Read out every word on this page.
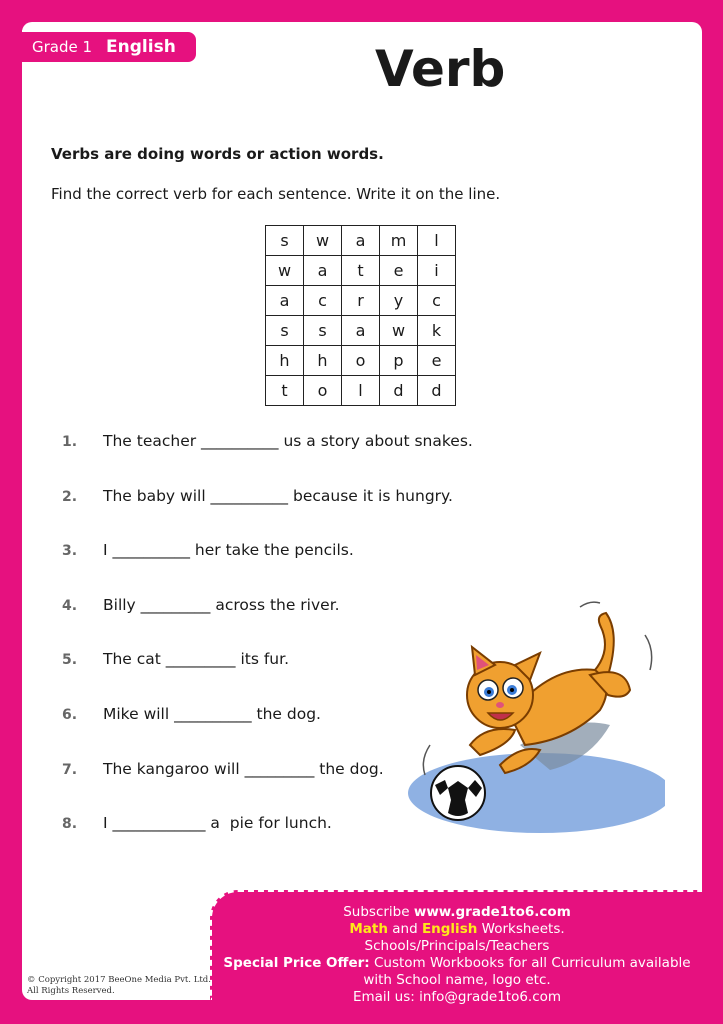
Grade 1 English	Verb
Verbs are doing words or action words.
Find the correct verb for each sentence. Write it on the line.
s	w	a	m	l
w	a	t	e	i
a	c	r	y	c
s	s	a	w	k
h	h	o	p	e
t	o	l	d	d
1.	The teacher __________ us a story about snakes.
2.	The baby will __________ because it is hungry.
3.	I __________ her take the pencils.
4.	Billy _________ across the river.
5.	The cat _________ its fur.
6.	Mike will __________ the dog.
7.	The kangaroo will _________ the dog.
8.	I ____________ a  pie for lunch.
Subscribe www.grade1to6.com
Math and English Worksheets.
Schools/Principals/Teachers
Special Price Offer: Custom Workbooks for all Curriculum available
with School name, logo etc.
Email us: info@grade1to6.com
© Copyright 2017 BeeOne Media Pvt. Ltd.
All Rights Reserved.
